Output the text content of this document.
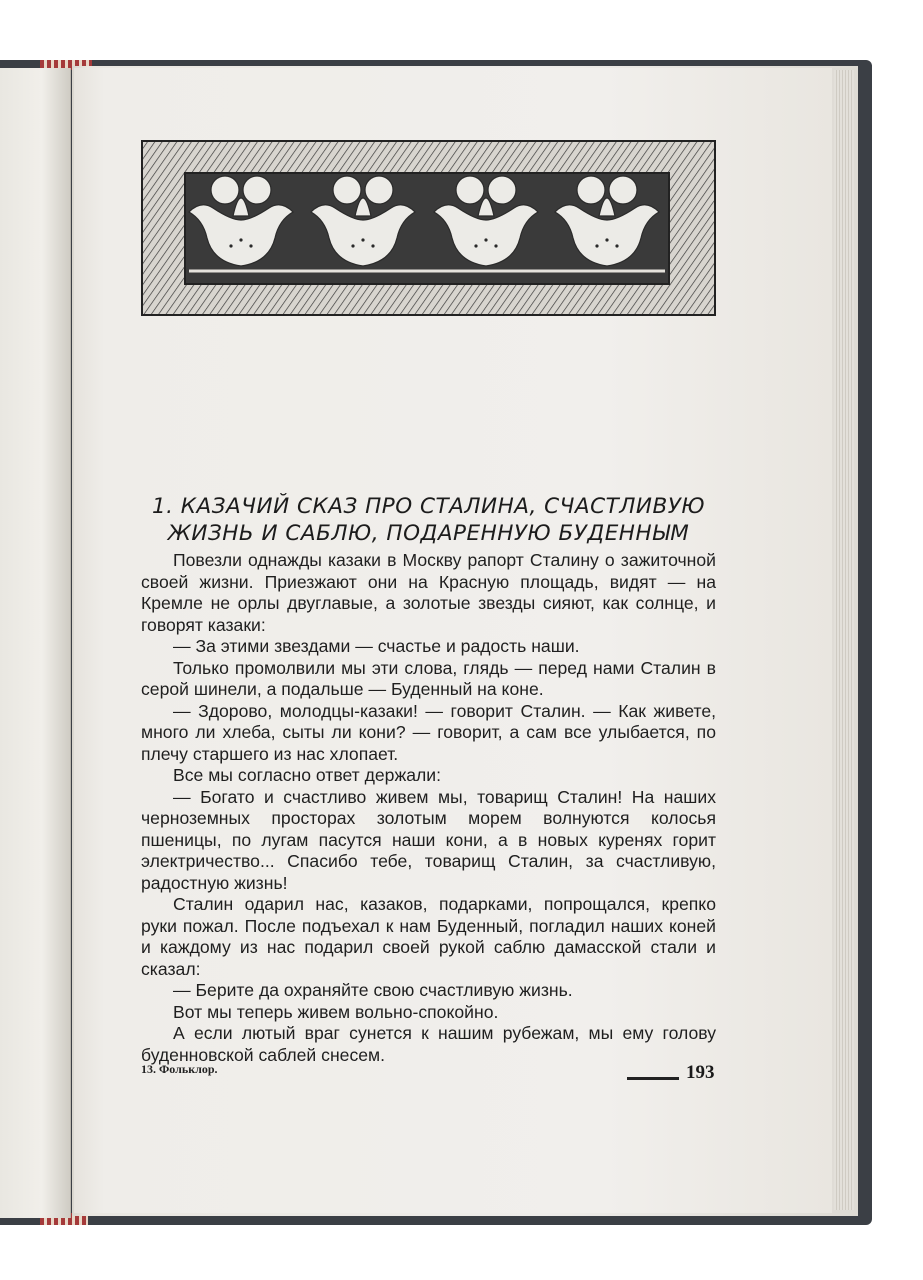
1. КАЗАЧИЙ СКАЗ ПРО СТАЛИНА, СЧАСТЛИВУЮ
ЖИЗНЬ И САБЛЮ, ПОДАРЕННУЮ БУДЕННЫМ

Повезли однажды казаки в Москву рапорт Сталину о зажиточной своей жизни. Приезжают они на Красную площадь, видят — на Кремле не орлы двуглавые, а золотые звезды сияют, как солнце, и говорят казаки:

— За этими звездами — счастье и радость наши.

Только промолвили мы эти слова, глядь — перед нами Сталин в серой шинели, а подальше — Буденный на коне.

— Здорово, молодцы-казаки! — говорит Сталин. — Как живете, много ли хлеба, сыты ли кони? — говорит, а сам все улыбается, по плечу старшего из нас хлопает.

Все мы согласно ответ держали:

— Богато и счастливо живем мы, товарищ Сталин! На наших черноземных просторах золотым морем волнуются колосья пшеницы, по лугам пасутся наши кони, а в новых куренях горит электричество... Спасибо тебе, товарищ Сталин, за счастливую, радостную жизнь!

Сталин одарил нас, казаков, подарками, попрощался, крепко руки пожал. После подъехал к нам Буденный, погладил наших коней и каждому из нас подарил своей рукой саблю дамасской стали и сказал:

— Берите да охраняйте свою счастливую жизнь.

Вот мы теперь живем вольно-спокойно.

А если лютый враг сунется к нашим рубежам, мы ему голову буденновской саблей снесем.

13. Фольклор.	193
